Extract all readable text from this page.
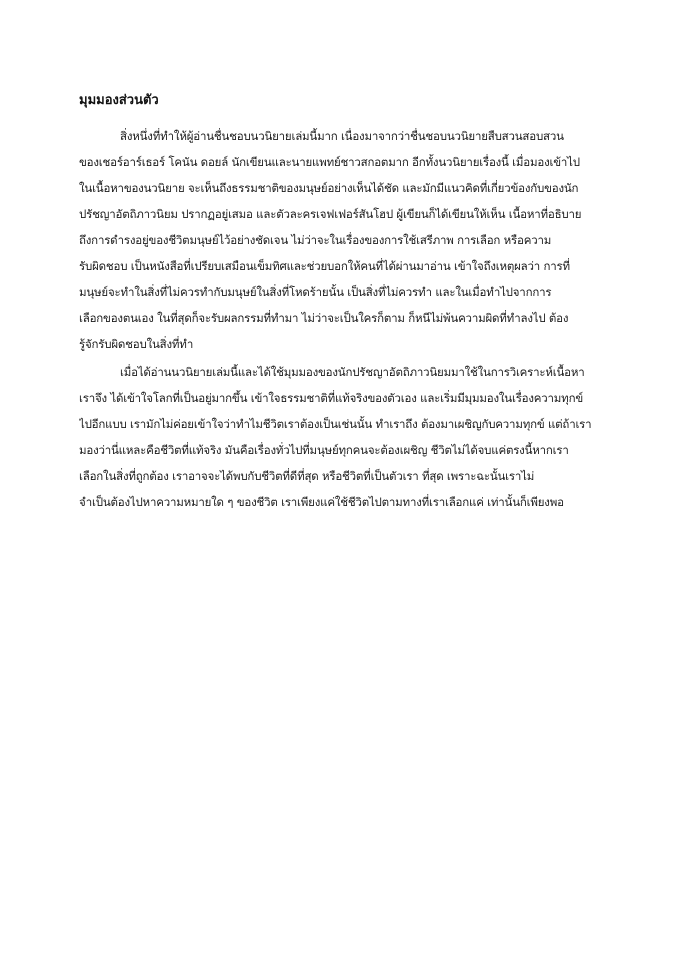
มุมมองส่วนตัว
สิ่งหนึ่งที่ทำให้ผู้อ่านชื่นชอบนวนิยายเล่มนี้มาก เนื่องมาจากว่าชื่นชอบนวนิยายสืบสวนสอบสวน
ของเชอร์อาร์เธอร์ โคนัน ดอยล์ นักเขียนและนายแพทย์ชาวสกอตมาก อีกทั้งนวนิยายเรื่องนี้ เมื่อมองเข้าไป
ในเนื้อหาของนวนิยาย จะเห็นถึงธรรมชาติของมนุษย์อย่างเห็นได้ชัด และมักมีแนวคิดที่เกี่ยวข้องกับของนัก
ปรัชญาอัตถิภาวนิยม ปรากฏอยู่เสมอ และตัวละครเจฟเฟอร์สันโฮป ผู้เขียนก็ได้เขียนให้เห็น เนื้อหาที่อธิบาย
ถึงการดำรงอยู่ของชีวิตมนุษย์ไว้อย่างชัดเจน ไม่ว่าจะในเรื่องของการใช้เสรีภาพ การเลือก หรือความ
รับผิดชอบ เป็นหนังสือที่เปรียบเสมือนเข็มทิศและช่วยบอกให้คนที่ได้ผ่านมาอ่าน เข้าใจถึงเหตุผลว่า การที่
มนุษย์จะทำในสิ่งที่ไม่ควรทำกับมนุษย์ในสิ่งที่โหดร้ายนั้น เป็นสิ่งที่ไม่ควรทำ และในเมื่อทำไปจากการ
เลือกของตนเอง ในที่สุดก็จะรับผลกรรมที่ทำมา ไม่ว่าจะเป็นใครก็ตาม ก็หนีไม่พ้นความผิดที่ทำลงไป ต้อง
รู้จักรับผิดชอบในสิ่งที่ทำ
เมื่อได้อ่านนวนิยายเล่มนี้และได้ใช้มุมมองของนักปรัชญาอัตถิภาวนิยมมาใช้ในการวิเคราะห์เนื้อหา
เราจึง ได้เข้าใจโลกที่เป็นอยู่มากขึ้น เข้าใจธรรมชาติที่แท้จริงของตัวเอง และเริ่มมีมุมมองในเรื่องความทุกข์
ไปอีกแบบ เรามักไม่ค่อยเข้าใจว่าทำไมชีวิตเราต้องเป็นเช่นนั้น ทำเราถึง ต้องมาเผชิญกับความทุกข์ แต่ถ้าเรา
มองว่านี่แหละคือชีวิตที่แท้จริง มันคือเรื่องทั่วไปที่มนุษย์ทุกคนจะต้องเผชิญ ชีวิตไม่ได้จบแค่ตรงนี้หากเรา
เลือกในสิ่งที่ถูกต้อง เราอาจจะได้พบกับชีวิตที่ดีที่สุด หรือชีวิตที่เป็นตัวเรา ที่สุด เพราะฉะนั้นเราไม่
จำเป็นต้องไปหาความหมายใด ๆ ของชีวิต เราเพียงแค่ใช้ชีวิตไปตามทางที่เราเลือกแค่ เท่านั้นก็เพียงพอ
